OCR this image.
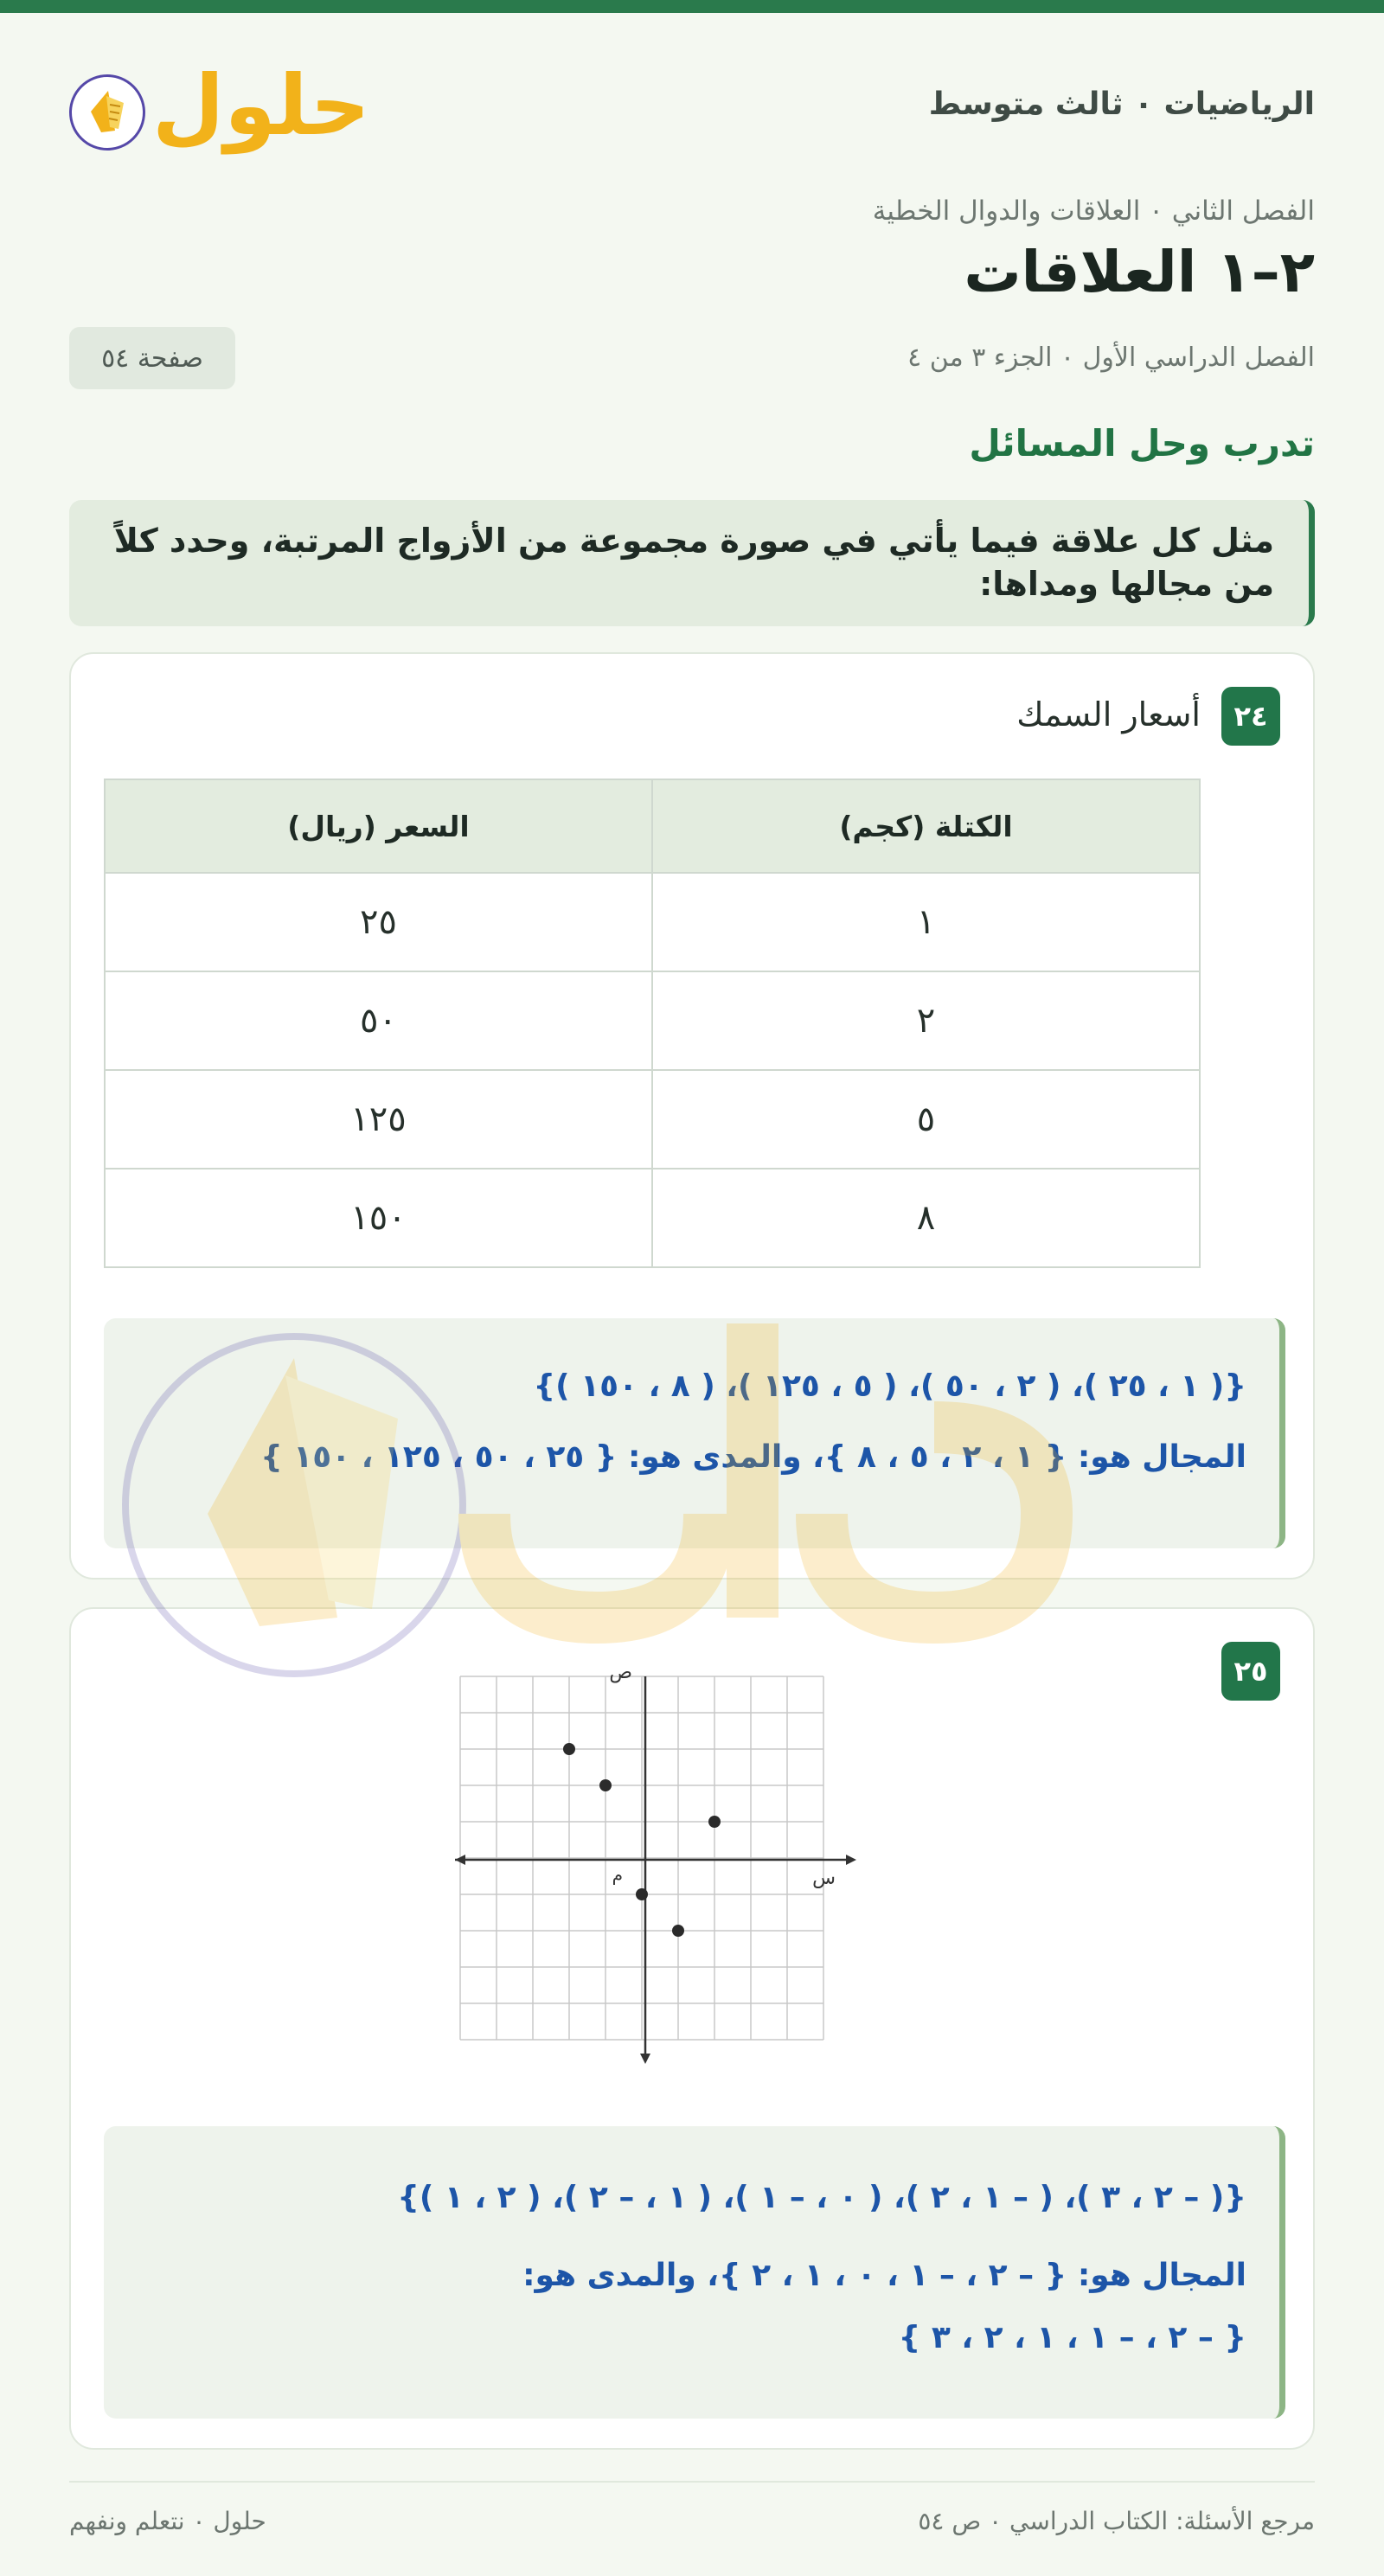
الرياضيات ٠ ثالث متوسط
حلول
الفصل الثاني ٠ العلاقات والدوال الخطية
٢–١ العلاقات
الفصل الدراسي الأول ٠ الجزء ٣ من ٤
صفحة ٥٤
تدرب وحل المسائل
مثل كل علاقة فيما يأتي في صورة مجموعة من الأزواج المرتبة، وحدد كلاً من مجالها ومداها:
٢٤
أسعار السمك
الكتلة (كجم)	السعر (ريال)
١	٢٥
٢	٥٠
٥	١٢٥
٨	١٥٠
{( ١ ، ٢٥ )، ( ٢ ، ٥٠ )، ( ٥ ، ١٢٥ )، ( ٨ ، ١٥٠ )}
المجال هو: { ١ ، ٢ ، ٥ ، ٨ }، والمدى هو: { ٢٥ ، ٥٠ ، ١٢٥ ، ١٥٠ }
٢٥
س
ص
م
{( – ٢ ، ٣ )، ( – ١ ، ٢ )، ( ٠ ، – ١ )، ( ١ ، – ٢ )، ( ٢ ، ١ )}
المجال هو: { – ٢ ، – ١ ، ٠ ، ١ ، ٢ }، والمدى هو:
{ – ٢ ، – ١ ، ١ ، ٢ ، ٣ }
حلول ٠ نتعلم ونفهم	مرجع الأسئلة: الكتاب الدراسي ٠ ص ٥٤
